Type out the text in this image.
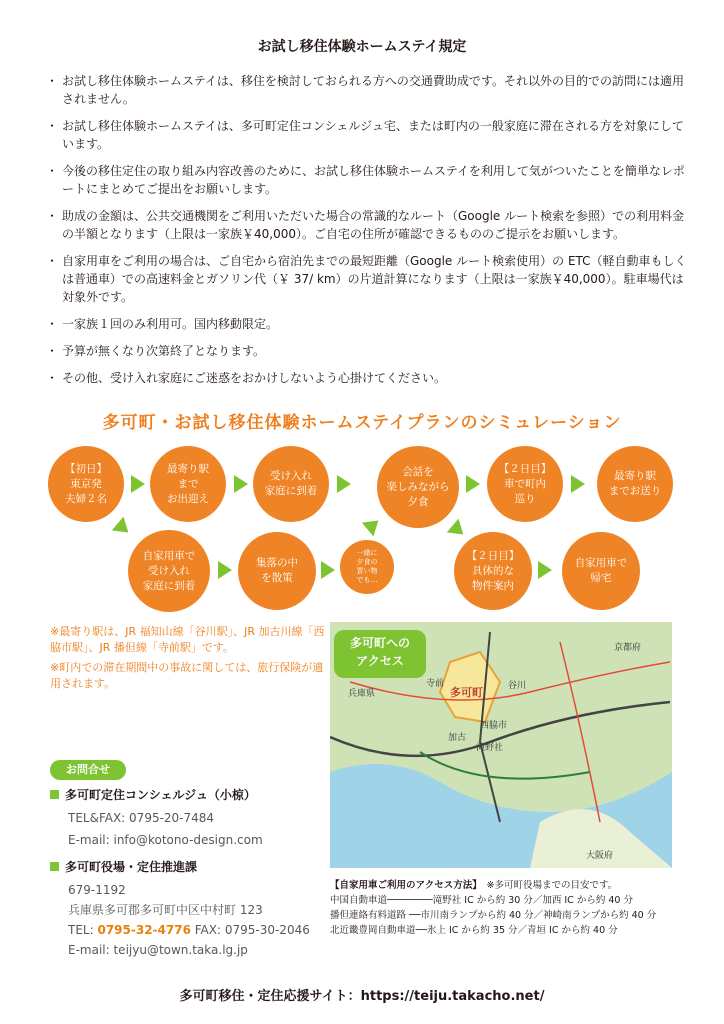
お試し移住体験ホームステイ規定
・ お試し移住体験ホームステイは、移住を検討しておられる方への交通費助成です。それ以外の目的での訪問には適用されません。
・ お試し移住体験ホームステイは、多可町定住コンシェルジュ宅、または町内の一般家庭に滞在される方を対象にしています。
・ 今後の移住定住の取り組み内容改善のために、お試し移住体験ホームステイを利用して気がついたことを簡単なレポートにまとめてご提出をお願いします。
・ 助成の金額は、公共交通機関をご利用いただいた場合の常識的なルート（Google ルート検索を参照）での利用料金の半額となります（上限は一家族￥40,000）。ご自宅の住所が確認できるもののご提示をお願いします。
・ 自家用車をご利用の場合は、ご自宅から宿泊先までの最短距離（Google ルート検索使用）の ETC（軽自動車もしくは普通車）での高速料金とガソリン代（￥ 37/ km）の片道計算になります（上限は一家族￥40,000）。駐車場代は対象外です。
・ 一家族１回のみ利用可。国内移動限定。
・ 予算が無くなり次第終了となります。
・ その他、受け入れ家庭にご迷惑をおかけしないよう心掛けてください。
多可町・お試し移住体験ホームステイプランのシミュレーション
【初日】
東京発
夫婦２名
最寄り駅
まで
お出迎え
受け入れ
家庭に到着
会話を
楽しみながら
夕食
【２日目】
車で町内
巡り
最寄り駅
までお送り
自家用車で
受け入れ
家庭に到着
集落の中
を散策
一緒に
夕食の
買い物
でも…
【２日目】
具体的な
物件案内
自家用車で
帰宅

※最寄り駅は、JR 福知山線「谷川駅」、JR 加古川線「西脇市駅」、JR 播但線「寺前駅」です。

※町内での滞在期間中の事故に関しては、旅行保険が適用されます。

兵庫県
京都府
大阪府
多可町	谷川
寺前
西脇市
加古
滝野社
多可町への
アクセス
お問合せ
多可町定住コンシェルジュ（小椋）
TEL&FAX: 0795-20-7484
E-mail: info@kotono-design.com
多可町役場・定住推進課
679-1192
兵庫県多可郡多可町中区中村町 123
TEL: 0795-32-4776 FAX: 0795-30-2046
E-mail: teijyu@town.taka.lg.jp
【自家用車ご利用のアクセス方法】　 ※多可町役場までの目安です。
中国自動車道────────滝野社 IC から約 30 分／加西 IC から約 40 分
播但連絡有料道路 ──市川南ランプから約 40 分／神崎南ランプから約 40 分
北近畿豊岡自動車道──氷上 IC から約 35 分／青垣 IC から約 40 分
多可町移住・定住応援サイト：https://teiju.takacho.net/
